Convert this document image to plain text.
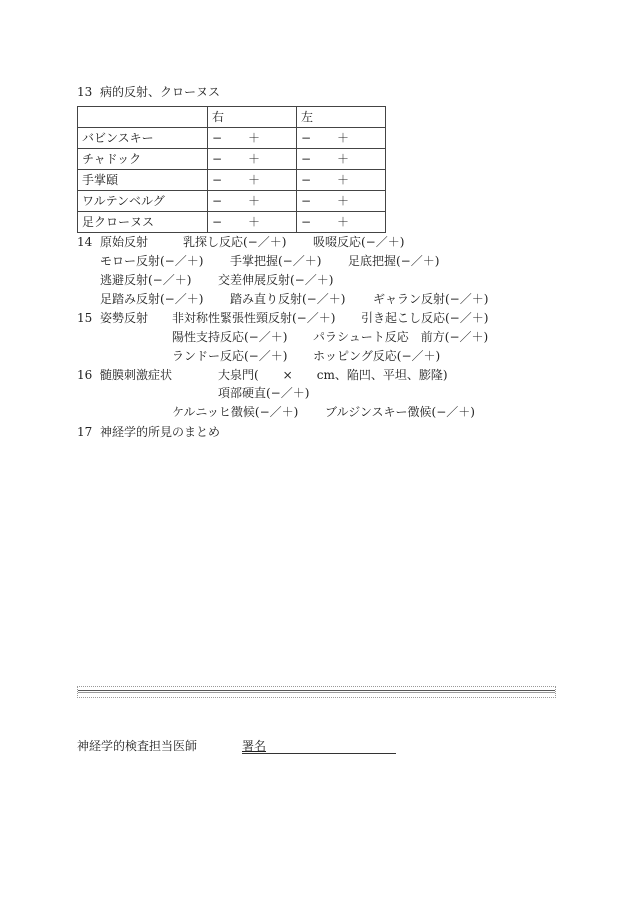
13 病的反射、クローヌス
	右	左
バビンスキー	− ＋	− ＋
チャドック	− ＋	− ＋
手掌頤	− ＋	− ＋
ワルテンベルグ	− ＋	− ＋
足クローヌス	− ＋	− ＋
14 原始反射	乳探し反応(−／＋) 吸啜反応(−／＋)
モロー反射(−／＋) 手掌把握(−／＋) 足底把握(−／＋)
逃避反射(−／＋) 交差伸展反射(−／＋)
足踏み反射(−／＋) 踏み直り反射(−／＋) ギャラン反射(−／＋)
15 姿勢反射 非対称性緊張性頸反射(−／＋) 引き起こし反応(−／＋)
陽性支持反応(−／＋) パラシュート反応　前方(−／＋)
ランドー反応(−／＋) ホッピング反応(−／＋)
16 髄膜刺激症状	大泉門(　　×　　cm、陥凹、平坦、膨隆)
項部硬直(−／＋)
ケルニッヒ徴候(−／＋) ブルジンスキー徴候(−／＋)
17 神経学的所見のまとめ
神経学的検査担当医師	署名
